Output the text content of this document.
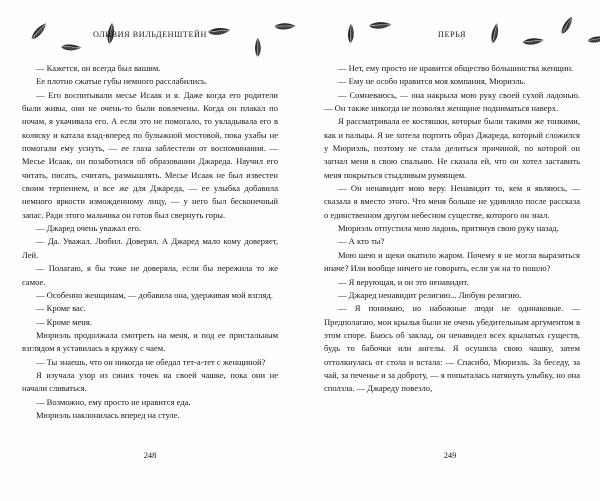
ОЛИВИЯ ВИЛЬДЕНШТЕЙН

— Кажется, он всегда был вашим.

Ее плотно сжатые губы немного расслабились.

— Его воспитывали месье Исаак и я. Даже когда его родители были живы, они не очень-то были вовлечены. Когда он плакал по ночам, я укачивала его. А если это не помогало, то укладывала его в коляску и катала взад-вперед по булыжной мостовой, пока ухабы не помогали ему уснуть, — ее глаза заблестели от воспоминания. — Месье Исаак, он позаботился об образовании Джареда. Научил его читать, писать, считать, размышлять. Месье Исаак не был известен своим терпением, и все же для Джареда, — ее улыбка добавила немного яркости изможденному лицу, — у него был бесконечный запас. Ради этого мальчика он готов был свернуть горы.

— Джаред очень уважал его.

— Да. Уважал. Любил. Доверял. А Джаред мало кому доверяет, Лей.

— Полагаю, я бы тоже не доверяла, если бы пережила то же самое.

— Особенно женщинам, — добавила она, удерживая мой взгляд.

— Кроме вас.

— Кроме меня.

Мюриэль продолжала смотреть на меня, и под ее пристальным взглядом я уставилась в кружку с чаем.

— Ты знаешь, что он никогда не обедал тет-а-тет с женщиной?

Я изучала узор из синих точек на своей чашке, пока они не начали сливаться.

— Возможно, ему просто не нравится еда.

Мюриэль наклонилась вперед на стуле.

248
ПЕРЬЯ

— Нет, ему просто не нравится общество большинства женщин.

— Ему не особо нравится моя компания, Мюриэль.

— Сомневаюсь, — она накрыла мою руку своей сухой ладонью. — Он также никогда не позволял женщине подниматься наверх.

Я рассматривала ее костяшки, которые были такими же тонкими, как и пальцы. Я не хотела портить образ Джареда, который сложился у Мюриэль, поэтому не стала делиться причиной, по которой он загнал меня в свою спальню. Не сказала ей, что он хотел заставить меня покрыться стыдливым румянцем.

— Он ненавидит мою веру. Ненавидит то, кем я являюсь, — сказала я вместо этого. Что меня больше не удивляло после рассказа о единственном другом небесном существе, которого он знал.

Мюриэль отпустила мою ладонь, притянув свою руку назад.

— А кто ты?

Мою шею и щеки окатило жаром. Почему я не могла выразиться иначе? Или вообще ничего не говорить, если уж на то пошло?

— Я верующая, и он это ненавидит.

— Джаред ненавидит религию... Любую религию.

— Я понимаю, но набожные люди не одинаковые. — Предполагаю, мои крылья были не очень убедительным аргументом в этом споре. Бьюсь об заклад, он ненавидел всех крылатых существ, будь то бабочки или ангелы. Я осушила свою чашку, затем оттолкнулась от стола и встала: — Спасибо, Мюриэль. За беседу, за чай, за печенье и за доброту, — я попыталась натянуть улыбку, но она сползла. — Джареду повезло,

249
